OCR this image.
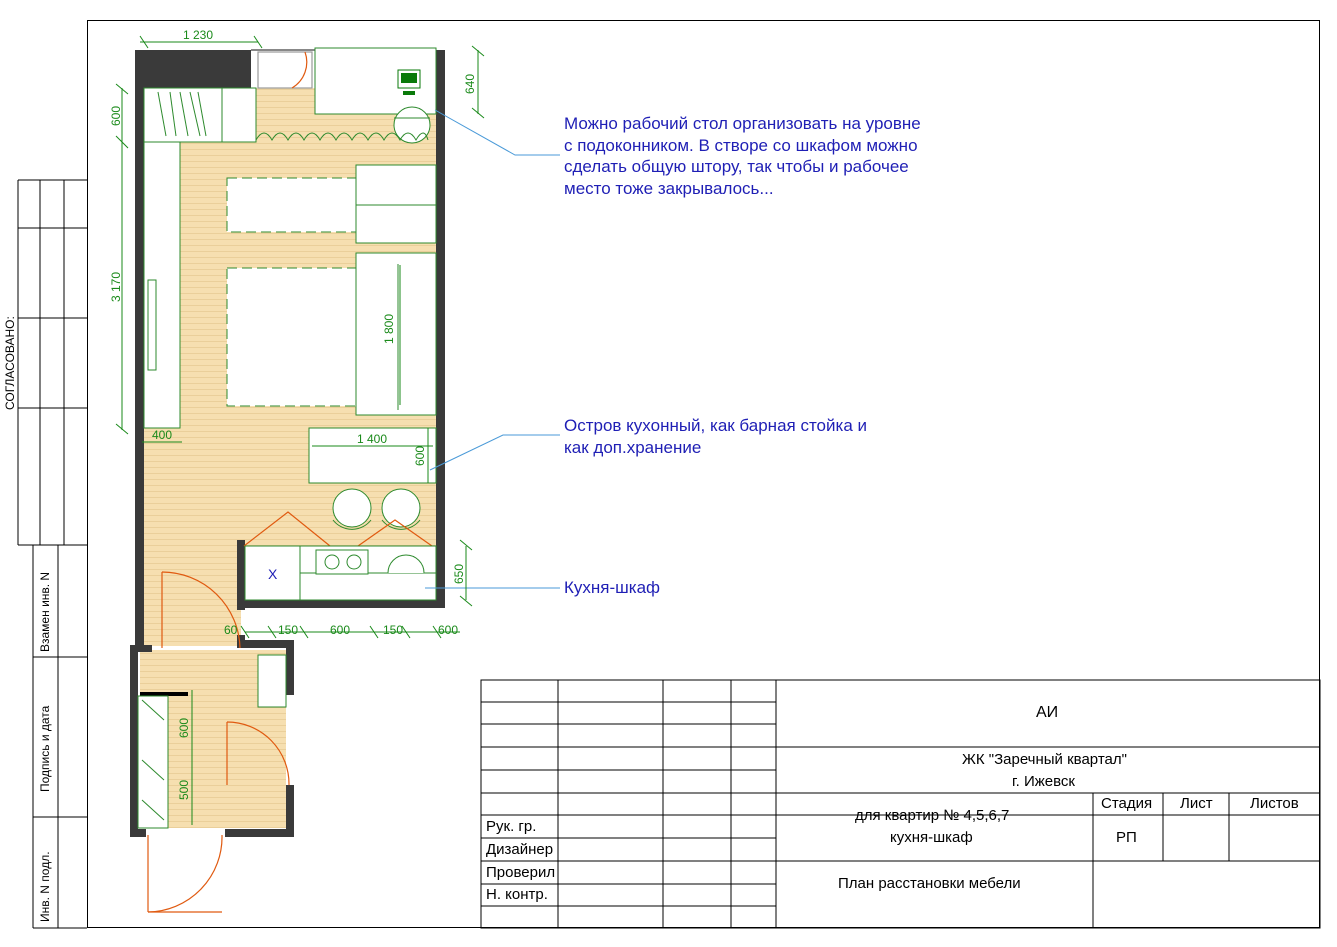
1 230
640
600
3 170
1 800
400	1 400
600
650
60	150	600	150	600
600
500
X
Можно рабочий стол организовать на уровне
с подоконником. В створе со шкафом можно
сделать общую штору, так чтобы и рабочее
место тоже закрывалось...
Остров кухонный, как барная стойка и
как доп.хранение
Кухня-шкаф
СОГЛАСОВАНО:
Взамен инв. N
Подпись и дата
Инв. N подл.
АИ
ЖК "Заречный квартал"
г. Ижевск
Стадия Лист Листов
РП
для квартир № 4,5,6,7
кухня-шкаф
План расстановки мебели
Рук. гр.
Дизайнер
Проверил
Н. контр.
